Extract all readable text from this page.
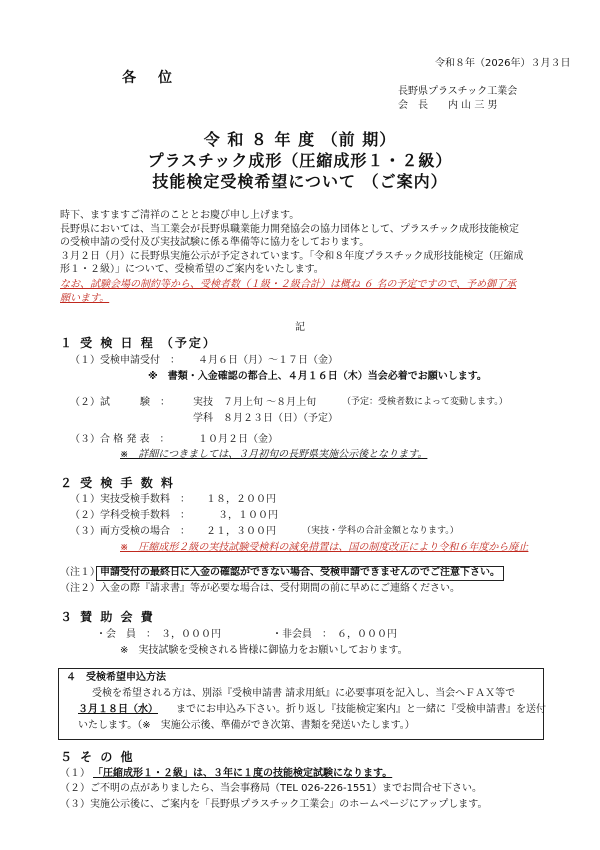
令和８年（2026年）３月３日
各　位
長野県プラスチック工業会
会　長　　内 山 三 男
令 和 ８ 年 度 （前 期）
プラスチック成形（圧縮成形１・２級）
技能検定受検希望について （ご案内）
時下、ますますご清祥のこととお慶び申し上げます。
長野県においては、当工業会が長野県職業能力開発協会の協力団体として、プラスチック成形技能検定
の受検申請の受付及び実技試験に係る準備等に協力をしております。
３月２日（月）に長野県実施公示が予定されています。「令和８年度プラスチック成形技能検定（圧縮成
形１・２級）」について、受検希望のご案内をいたします。
なお、試験会場の制約等から、受検者数（１級・２級合計）は概ね ６ 名の予定ですので、予め御了承
願います。
記
１ 受 検 日 程 （予定）
（１）受検申請受付　： ４月６日（月）～１７日（金）
※　書類・入金確認の都合上、４月１６日（木）当会必着でお願いします。
（２）試　　　験　： 実技　７月上旬 ～８月上旬	（予定：受検者数によって変動します。）
学科　８月２３日（日）（予定）
（３）合 格 発 表　：	１０月２日（金）
※　詳細につきましては、３月初旬の長野県実施公示後となります。
２ 受 検 手 数 料
（１）実技受検手数料　： １８，２００円
（２）学科受検手数料　：	３，１００円
（３）両方受検の場合　： ２１，３００円	（実技・学科の合計金額となります。）
※　圧縮成形２級の実技試験受検料の減免措置は、国の制度改正により令和６年度から廃止
（注１） 申請受付の最終日に入金の確認ができない場合、受検申請できませんのでご注意下さい。
（注２）入金の際『請求書』等が必要な場合は、受付期間の前に早めにご連絡ください。
３ 賛 助 会 費
・会　員　：　３，０００円	・非会員　：　６，０００円
※　実技試験を受検される皆様に御協力をお願いしております。
４　受検希望申込方法
受検を希望される方は、別添『受検申請書 請求用紙』に必要事項を記入し、当会へＦＡＸ等で
３月１８日（水） までにお申込み下さい。折り返し『技能検定案内』と一緒に『受検申請書』を送付
いたします。（※　実施公示後、準備ができ次第、書類を発送いたします。）
５ そ の 他
（１） 「圧縮成形１・２級」は、３年に１度の技能検定試験になります。
（２）ご不明の点がありましたら、当会事務局（TEL 026-226-1551）までお問合せ下さい。
（３）実施公示後に、ご案内を「長野県プラスチック工業会」のホームページにアップします。
